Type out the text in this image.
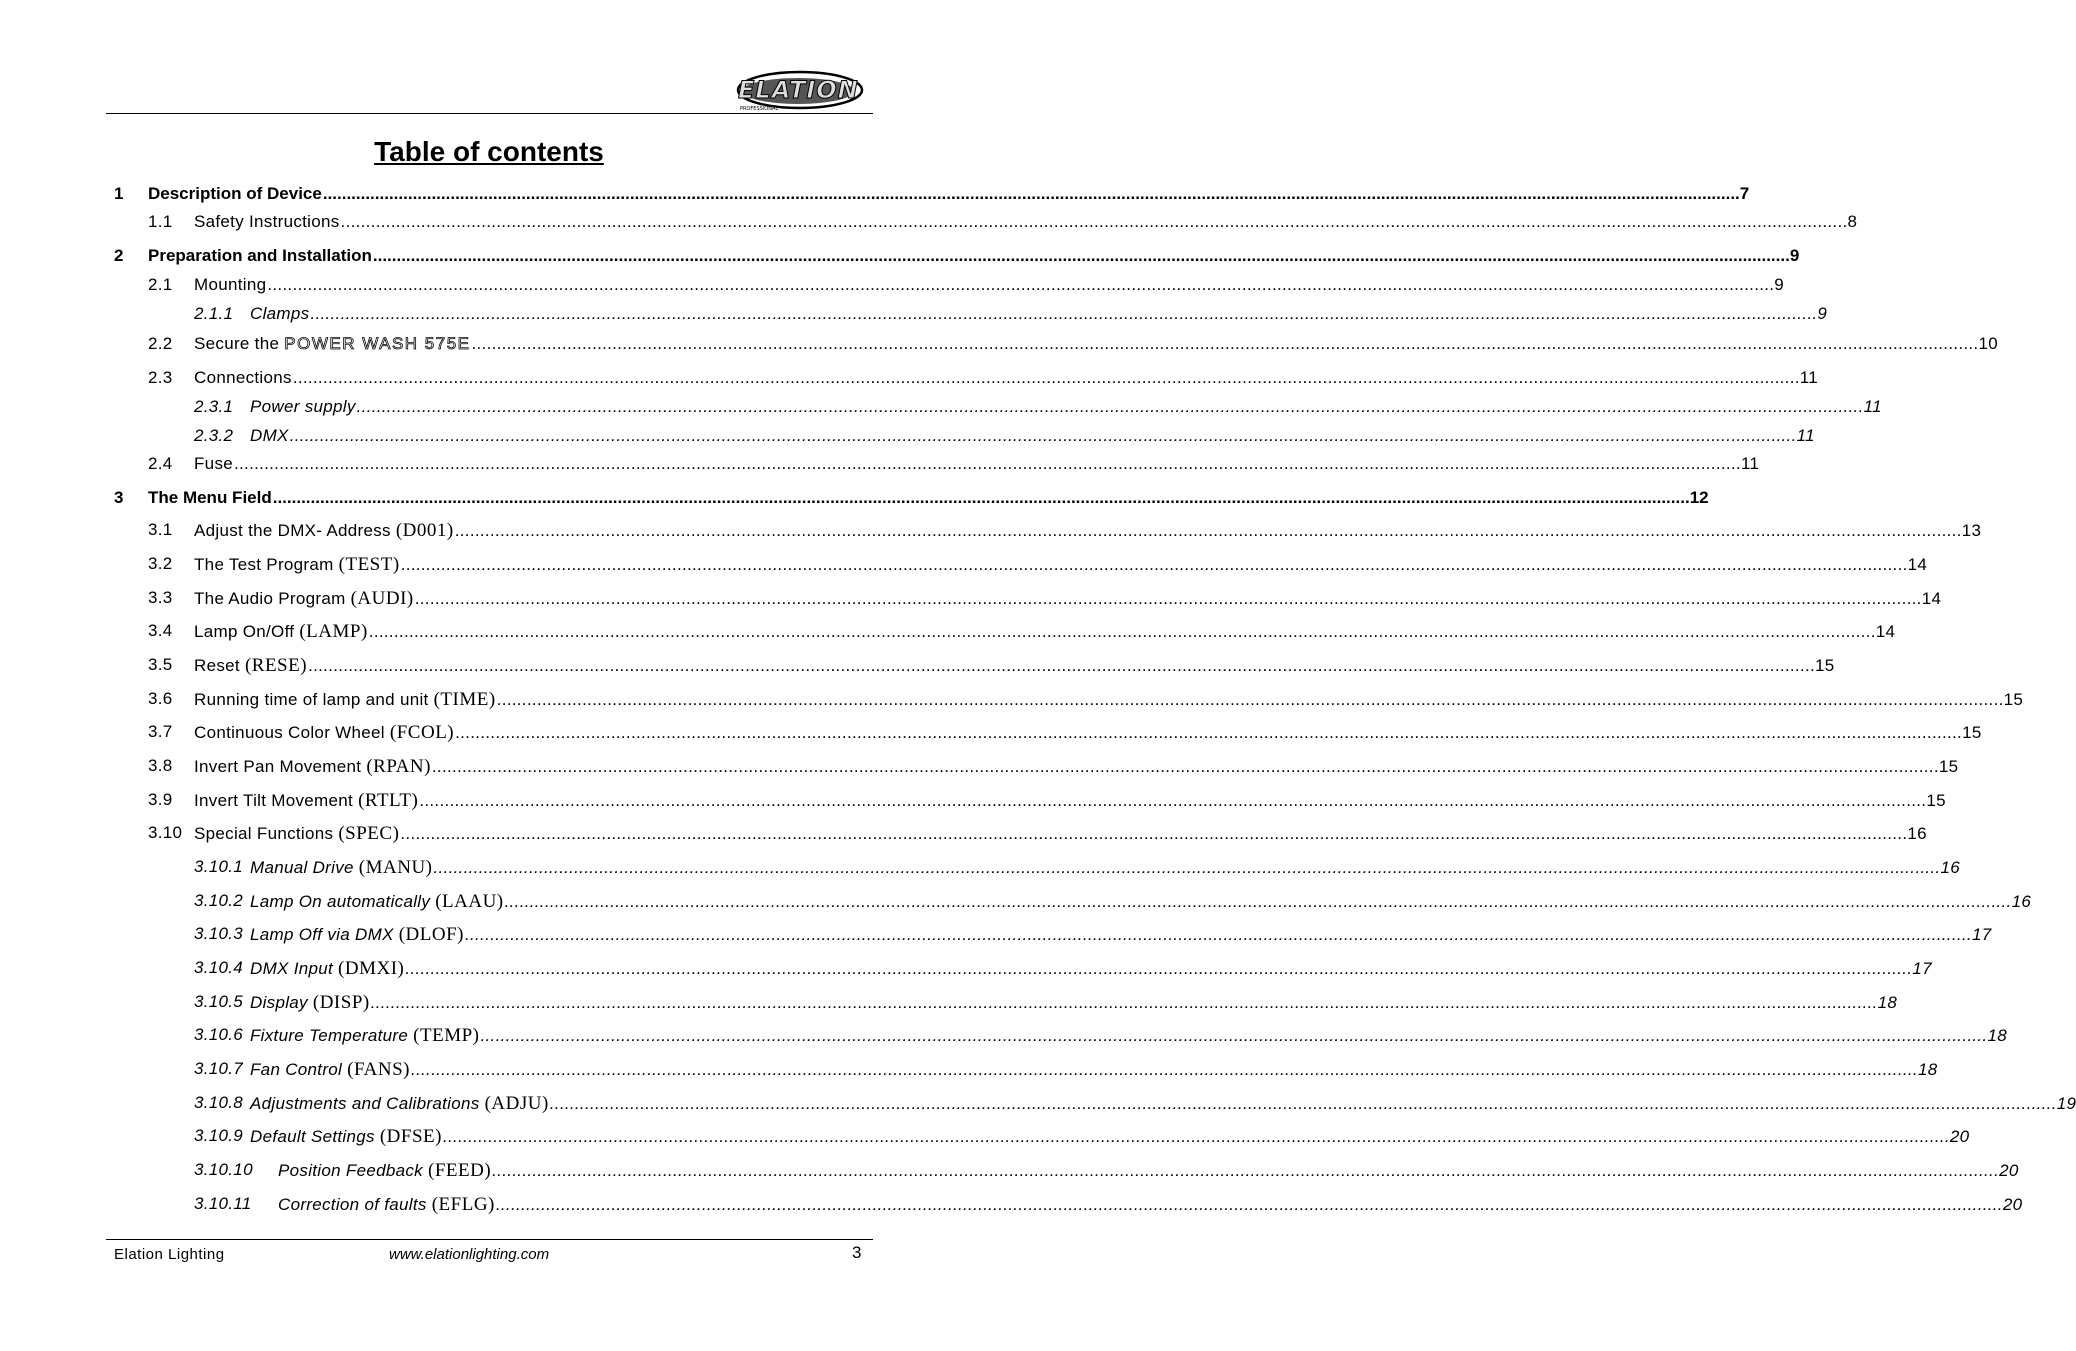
ELATION
PROFESSIONAL
Table of contents
1 Description of Device ............................................................................................................................................................................................................................................................................................................ 7
1.1 Safety Instructions ............................................................................................................................................................................................................................................................................................................ 8
2 Preparation and Installation ............................................................................................................................................................................................................................................................................................................ 9
2.1 Mounting ............................................................................................................................................................................................................................................................................................................ 9
2.1.1 Clamps ............................................................................................................................................................................................................................................................................................................ 9
2.2 Secure the POWER WASH 575E ............................................................................................................................................................................................................................................................................................................ 10
2.3 Connections ............................................................................................................................................................................................................................................................................................................ 11
2.3.1 Power supply ............................................................................................................................................................................................................................................................................................................ 11
2.3.2 DMX ............................................................................................................................................................................................................................................................................................................ 11
2.4 Fuse ............................................................................................................................................................................................................................................................................................................ 11
3 The Menu Field ............................................................................................................................................................................................................................................................................................................ 12
3.1 Adjust the DMX- Address (D001) ............................................................................................................................................................................................................................................................................................................ 13
3.2 The Test Program (TEST) ............................................................................................................................................................................................................................................................................................................ 14
3.3 The Audio Program (AUDI) ............................................................................................................................................................................................................................................................................................................ 14
3.4 Lamp On/Off (LAMP) ............................................................................................................................................................................................................................................................................................................ 14
3.5 Reset (RESE) ............................................................................................................................................................................................................................................................................................................ 15
3.6 Running time of lamp and unit (TIME) ............................................................................................................................................................................................................................................................................................................ 15
3.7 Continuous Color Wheel (FCOL) ............................................................................................................................................................................................................................................................................................................ 15
3.8 Invert Pan Movement (RPAN) ............................................................................................................................................................................................................................................................................................................ 15
3.9 Invert Tilt Movement (RTLT) ............................................................................................................................................................................................................................................................................................................ 15
3.10 Special Functions (SPEC) ............................................................................................................................................................................................................................................................................................................ 16
3.10.1 Manual Drive (MANU) ............................................................................................................................................................................................................................................................................................................ 16
3.10.2 Lamp On automatically (LAAU) ............................................................................................................................................................................................................................................................................................................ 16
3.10.3 Lamp Off via DMX (DLOF) ............................................................................................................................................................................................................................................................................................................ 17
3.10.4 DMX Input (DMXI) ............................................................................................................................................................................................................................................................................................................ 17
3.10.5 Display (DISP) ............................................................................................................................................................................................................................................................................................................ 18
3.10.6 Fixture Temperature (TEMP) ............................................................................................................................................................................................................................................................................................................ 18
3.10.7 Fan Control (FANS) ............................................................................................................................................................................................................................................................................................................ 18
3.10.8 Adjustments and Calibrations (ADJU) ............................................................................................................................................................................................................................................................................................................ 19
3.10.9 Default Settings (DFSE) ............................................................................................................................................................................................................................................................................................................ 20
3.10.10 Position Feedback (FEED) ............................................................................................................................................................................................................................................................................................................ 20
3.10.11 Correction of faults (EFLG) ............................................................................................................................................................................................................................................................................................................ 20
Elation Lighting	www.elationlighting.com	3
